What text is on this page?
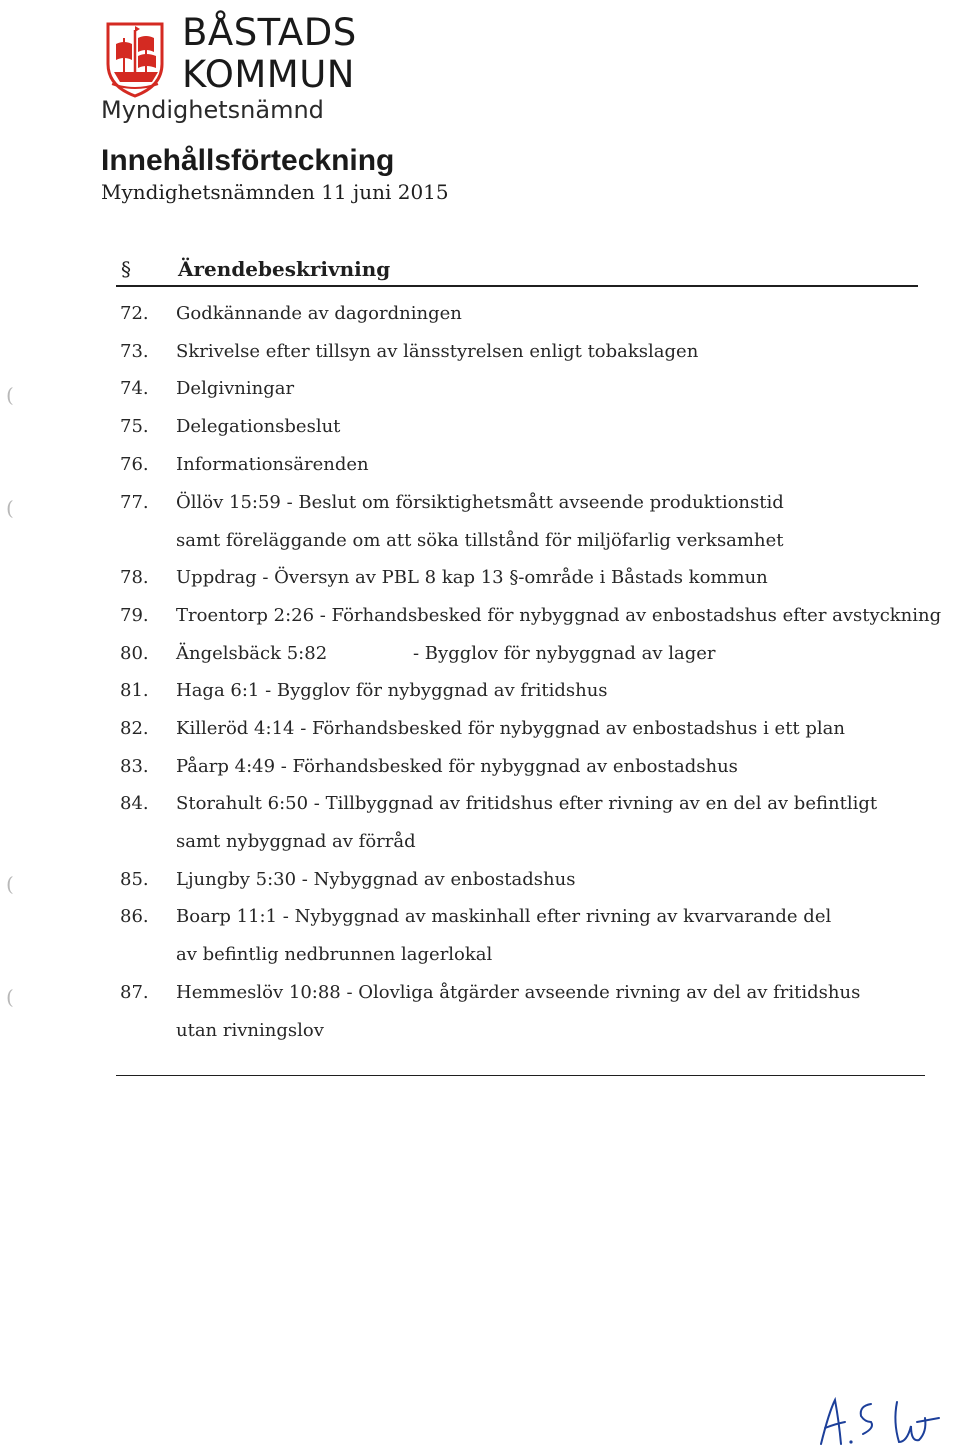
BÅSTADS
KOMMUN
Myndighetsnämnd
Innehållsförteckning
Myndighetsnämnden 11 juni 2015
§ Ärendebeskrivning
72. Godkännande av dagordningen
73. Skrivelse efter tillsyn av länsstyrelsen enligt tobakslagen
74. Delgivningar
75. Delegationsbeslut
76. Informationsärenden
77. Öllöv 15:59 - Beslut om försiktighetsmått avseende produktionstid
samt föreläggande om att söka tillstånd för miljöfarlig verksamhet
78. Uppdrag - Översyn av PBL 8 kap 13 §-område i Båstads kommun
79. Troentorp 2:26 - Förhandsbesked för nybyggnad av enbostadshus efter avstyckning
80. Ängelsbäck 5:82	- Bygglov för nybyggnad av lager
81. Haga 6:1 - Bygglov för nybyggnad av fritidshus
82. Killeröd 4:14 - Förhandsbesked för nybyggnad av enbostadshus i ett plan
83. Påarp 4:49 - Förhandsbesked för nybyggnad av enbostadshus
84. Storahult 6:50 - Tillbyggnad av fritidshus efter rivning av en del av befintligt
samt nybyggnad av förråd
85. Ljungby 5:30 - Nybyggnad av enbostadshus
86. Boarp 11:1 - Nybyggnad av maskinhall efter rivning av kvarvarande del
av befintlig nedbrunnen lagerlokal
87. Hemmeslöv 10:88 - Olovliga åtgärder avseende rivning av del av fritidshus
utan rivningslov
(
(
(
(
